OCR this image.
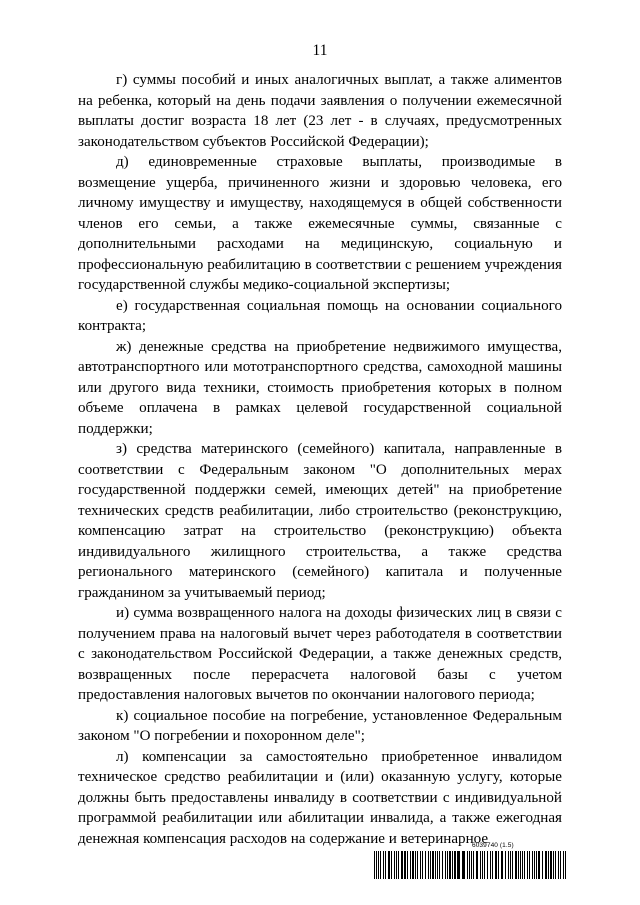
11

г) суммы пособий и иных аналогичных выплат, а также алиментов на ребенка, который на день подачи заявления о получении ежемесячной выплаты достиг возраста 18 лет (23 лет - в случаях, предусмотренных законодательством субъектов Российской Федерации);

д) единовременные страховые выплаты, производимые в возмещение ущерба, причиненного жизни и здоровью человека, его личному имуществу и имуществу, находящемуся в общей собственности членов его семьи, а также ежемесячные суммы, связанные с дополнительными расходами на медицинскую, социальную и профессиональную реабилитацию в соответствии с решением учреждения государственной службы медико-социальной экспертизы;

е) государственная социальная помощь на основании социального контракта;

ж) денежные средства на приобретение недвижимого имущества, автотранспортного или мототранспортного средства, самоходной машины или другого вида техники, стоимость приобретения которых в полном объеме оплачена в рамках целевой государственной социальной поддержки;

з) средства материнского (семейного) капитала, направленные в соответствии с Федеральным законом "О дополнительных мерах государственной поддержки семей, имеющих детей" на приобретение технических средств реабилитации, либо строительство (реконструкцию, компенсацию затрат на строительство (реконструкцию) объекта индивидуального жилищного строительства, а также средства регионального материнского (семейного) капитала и полученные гражданином за учитываемый период;

и) сумма возвращенного налога на доходы физических лиц в связи с получением права на налоговый вычет через работодателя в соответствии с законодательством Российской Федерации, а также денежных средств, возвращенных после перерасчета налоговой базы с учетом предоставления налоговых вычетов по окончании налогового периода;

к) социальное пособие на погребение, установленное Федеральным законом "О погребении и похоронном деле";

л) компенсации за самостоятельно приобретенное инвалидом техническое средство реабилитации и (или) оказанную услугу, которые должны быть предоставлены инвалиду в соответствии с индивидуальной программой реабилитации или абилитации инвалида, а также ежегодная денежная компенсация расходов на содержание и ветеринарное

6039740 (1.5)
